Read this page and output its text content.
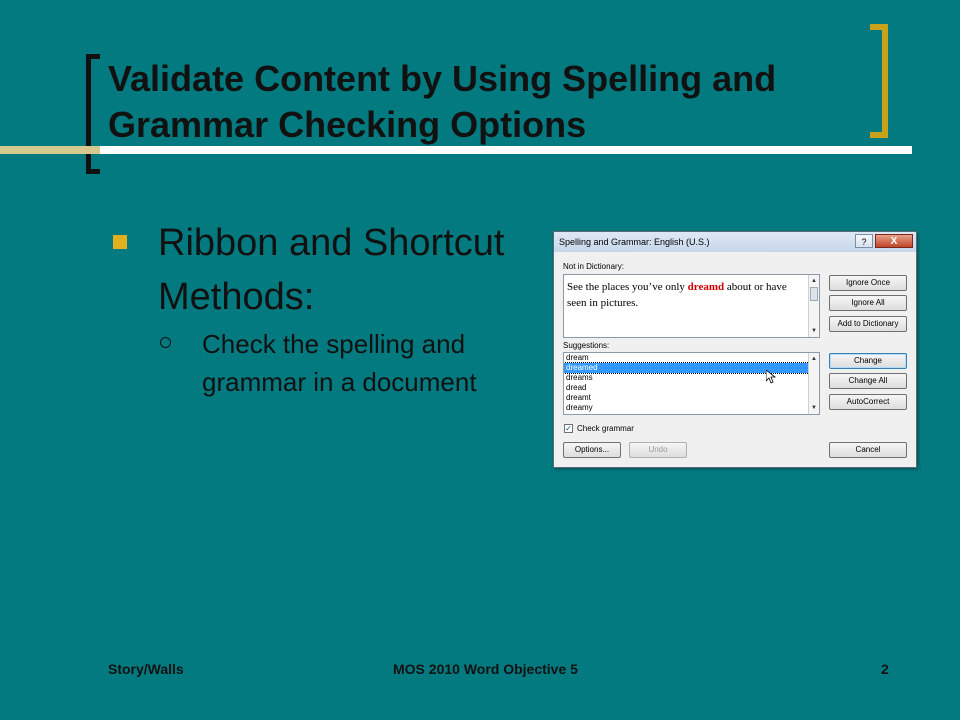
Validate Content by Using Spelling and Grammar Checking Options
Ribbon and Shortcut Methods:
Check the spelling and grammar in a document
Spelling and Grammar: English (U.S.)	?	X
Not in Dictionary:
See the places you’ve only dreamd about or have seen in pictures.
▲
▼
Suggestions:
dream
dreamed
dreams
dread
dreamt
dreamy
▲
▼
✓ Check grammar
Ignore Once
Ignore All
Add to Dictionary
Change
Change All
AutoCorrect
Options...	Undo	Cancel
Story/Walls	MOS 2010 Word Objective 5	2
